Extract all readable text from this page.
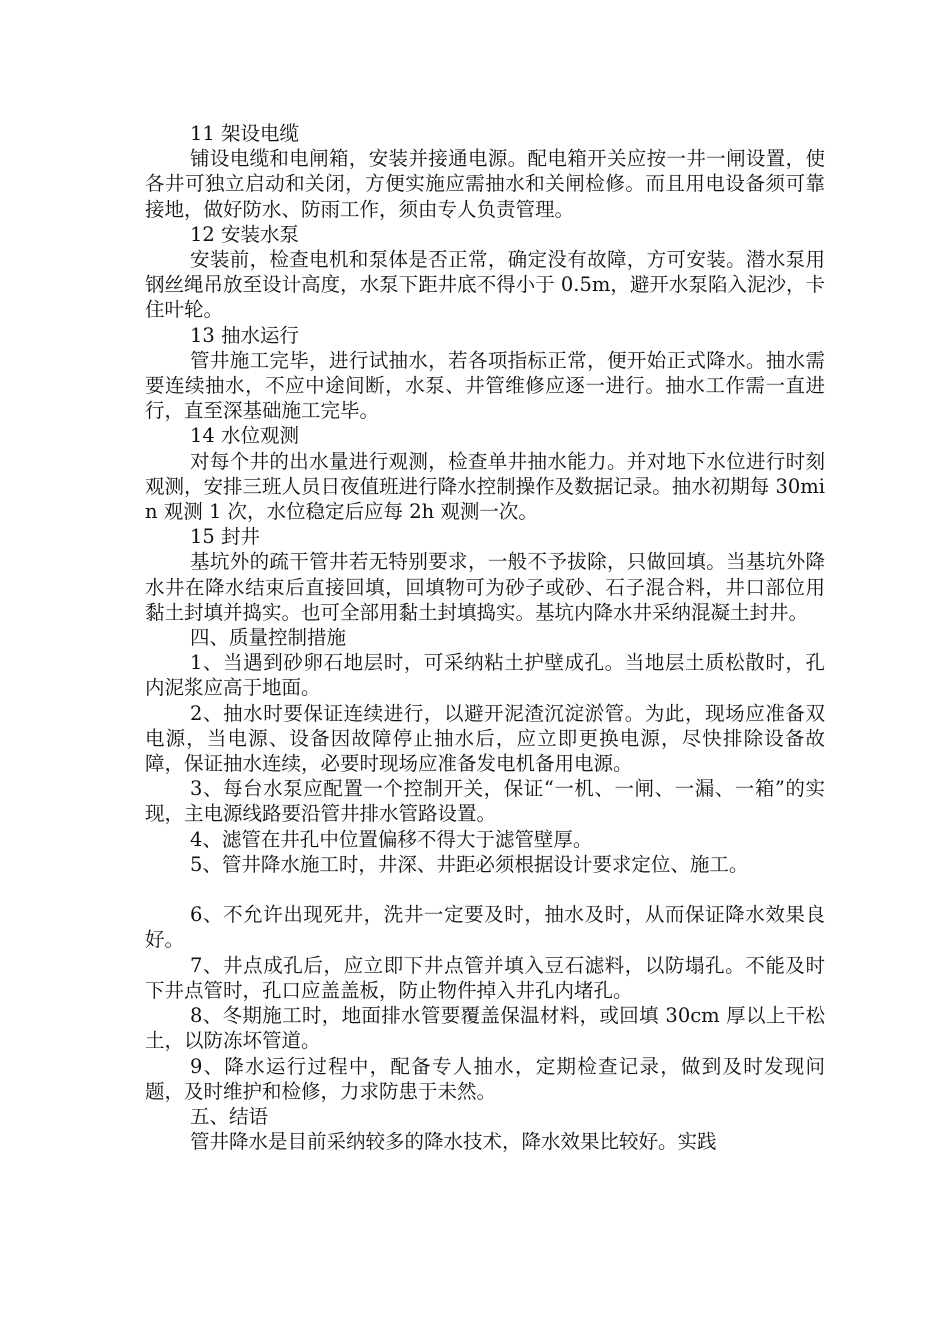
11 架设电缆

铺设电缆和电闸箱，安装并接通电源。配电箱开关应按一井一闸设置，使各井可独立启动和关闭，方便实施应需抽水和关闸检修。而且用电设备须可靠接地，做好防水、防雨工作，须由专人负责管理。

12 安装水泵

安装前，检查电机和泵体是否正常，确定没有故障，方可安装。潜水泵用钢丝绳吊放至设计高度，水泵下距井底不得小于 0.5m，避开水泵陷入泥沙，卡住叶轮。

13 抽水运行

管井施工完毕，进行试抽水，若各项指标正常，便开始正式降水。抽水需要连续抽水，不应中途间断，水泵、井管维修应逐一进行。抽水工作需一直进行，直至深基础施工完毕。

14 水位观测

对每个井的出水量进行观测，检查单井抽水能力。并对地下水位进行时刻观测，安排三班人员日夜值班进行降水控制操作及数据记录。抽水初期每 30min 观测 1 次，水位稳定后应每 2h 观测一次。

15 封井

基坑外的疏干管井若无特别要求，一般不予拔除，只做回填。当基坑外降水井在降水结束后直接回填，回填物可为砂子或砂、石子混合料，井口部位用黏土封填并捣实。也可全部用黏土封填捣实。基坑内降水井采纳混凝土封井。

四、质量控制措施

1、当遇到砂卵石地层时，可采纳粘土护壁成孔。当地层土质松散时，孔内泥浆应高于地面。

2、抽水时要保证连续进行，以避开泥渣沉淀淤管。为此，现场应准备双电源，当电源、设备因故障停止抽水后，应立即更换电源，尽快排除设备故障，保证抽水连续，必要时现场应准备发电机备用电源。

3、每台水泵应配置一个控制开关，保证“一机、一闸、一漏、一箱”的实现，主电源线路要沿管井排水管路设置。

4、滤管在井孔中位置偏移不得大于滤管壁厚。

5、管井降水施工时，井深、井距必须根据设计要求定位、施工。

6、不允许出现死井，洗井一定要及时，抽水及时，从而保证降水效果良好。

7、井点成孔后，应立即下井点管并填入豆石滤料，以防塌孔。不能及时下井点管时，孔口应盖盖板，防止物件掉入井孔内堵孔。

8、冬期施工时，地面排水管要覆盖保温材料，或回填 30cm 厚以上干松土，以防冻坏管道。

9、降水运行过程中，配备专人抽水，定期检查记录，做到及时发现问题，及时维护和检修，力求防患于未然。

五、结语

管井降水是目前采纳较多的降水技术，降水效果比较好。实践
